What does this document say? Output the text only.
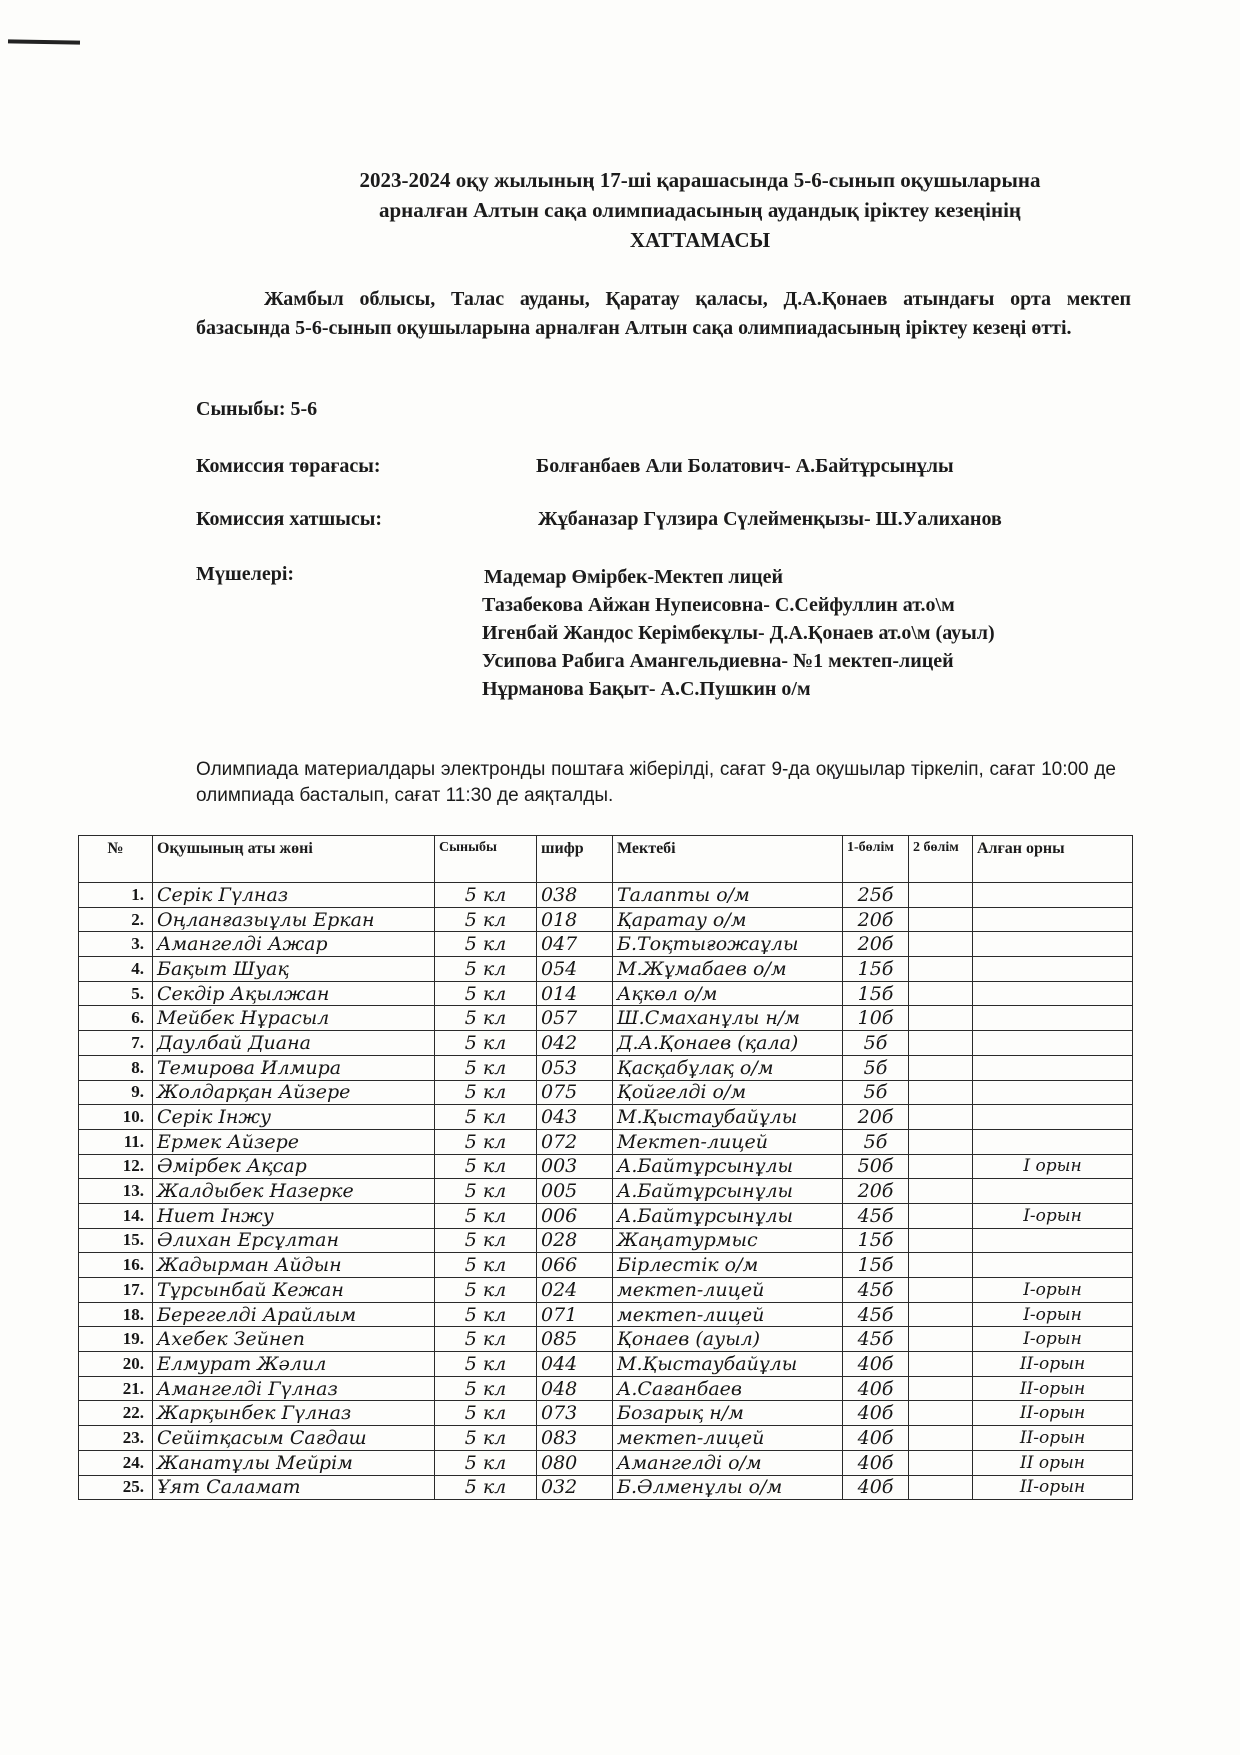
2023-2024 оқу жылының 17-ші қарашасында 5-6-сынып оқушыларына
арналған Алтын сақа олимпиадасының аудандық іріктеу кезеңінің
ХАТТАМАСЫ
Жамбыл облысы, Талас ауданы, Қаратау қаласы, Д.А.Қонаев атындағы орта мектеп базасында 5-6-сынып оқушыларына арналған Алтын сақа олимпиадасының іріктеу кезеңі өтті.
Сыныбы: 5-6
Комиссия төрағасы:	Болғанбаев Али Болатович- А.Байтұрсынұлы
Комиссия хатшысы:	Жұбаназар Гүлзира Сүлейменқызы- Ш.Уалиханов
Мүшелері:	Мадемар Өмірбек-Мектеп лицей
Тазабекова Айжан Нупеисовна- С.Сейфуллин ат.о\м
Игенбай Жандос Керімбекұлы- Д.А.Қонаев ат.о\м (ауыл)
Усипова Рабига Амангельдиевна- №1 мектеп-лицей
Нұрманова Бақыт- А.С.Пушкин о/м
Олимпиада материалдары электронды поштаға жіберілді, сағат 9-да оқушылар тіркеліп, сағат 10:00 де олимпиада басталып, сағат 11:30 де аяқталды.
№	Оқушының аты жөні	Сыныбы	шифр	Мектебі	1-бөлім	2 бөлім	Алған орны
1.	Серік Гүлназ	5 кл	038	Талапты о/м	25б		
2.	Оңланғазыұлы Еркан	5 кл	018	Қаратау о/м	20б		
3.	Амангелді Ажар	5 кл	047	Б.Тоқтығожаұлы	20б		
4.	Бақыт Шуақ	5 кл	054	М.Жұмабаев о/м	15б		
5.	Секдір Ақылжан	5 кл	014	Ақкөл о/м	15б		
6.	Мейбек Нұрасыл	5 кл	057	Ш.Смаханұлы н/м	10б		
7.	Даулбай Диана	5 кл	042	Д.А.Қонаев (қала)	5б		
8.	Темирова Илмира	5 кл	053	Қасқабұлақ о/м	5б		
9.	Жолдарқан Айзере	5 кл	075	Қойгелді о/м	5б		
10.	Серік Інжу	5 кл	043	М.Қыстаубайұлы	20б		
11.	Ермек Айзере	5 кл	072	Мектеп-лицей	5б		
12.	Әмірбек Ақсар	5 кл	003	А.Байтұрсынұлы	50б		I орын
13.	Жалдыбек Назерке	5 кл	005	А.Байтұрсынұлы	20б		
14.	Ниет Інжу	5 кл	006	А.Байтұрсынұлы	45б		I-орын
15.	Әлихан Ерсұлтан	5 кл	028	Жаңатурмыс	15б		
16.	Жадырман Айдын	5 кл	066	Бірлестік о/м	15б		
17.	Тұрсынбай Кежан	5 кл	024	мектеп-лицей	45б		I-орын
18.	Берегелді Арайлым	5 кл	071	мектеп-лицей	45б		I-орын
19.	Ахебек Зейнеп	5 кл	085	Қонаев (ауыл)	45б		I-орын
20.	Елмурат Жәлил	5 кл	044	М.Қыстаубайұлы	40б		II-орын
21.	Амангелді Гүлназ	5 кл	048	А.Сағанбаев	40б		II-орын
22.	Жарқынбек Гүлназ	5 кл	073	Бозарық н/м	40б		II-орын
23.	Сейітқасым Сағдаш	5 кл	083	мектеп-лицей	40б		II-орын
24.	Жанатұлы Мейрім	5 кл	080	Амангелді о/м	40б		II орын
25.	Ұят Саламат	5 кл	032	Б.Әлменұлы о/м	40б		II-орын
